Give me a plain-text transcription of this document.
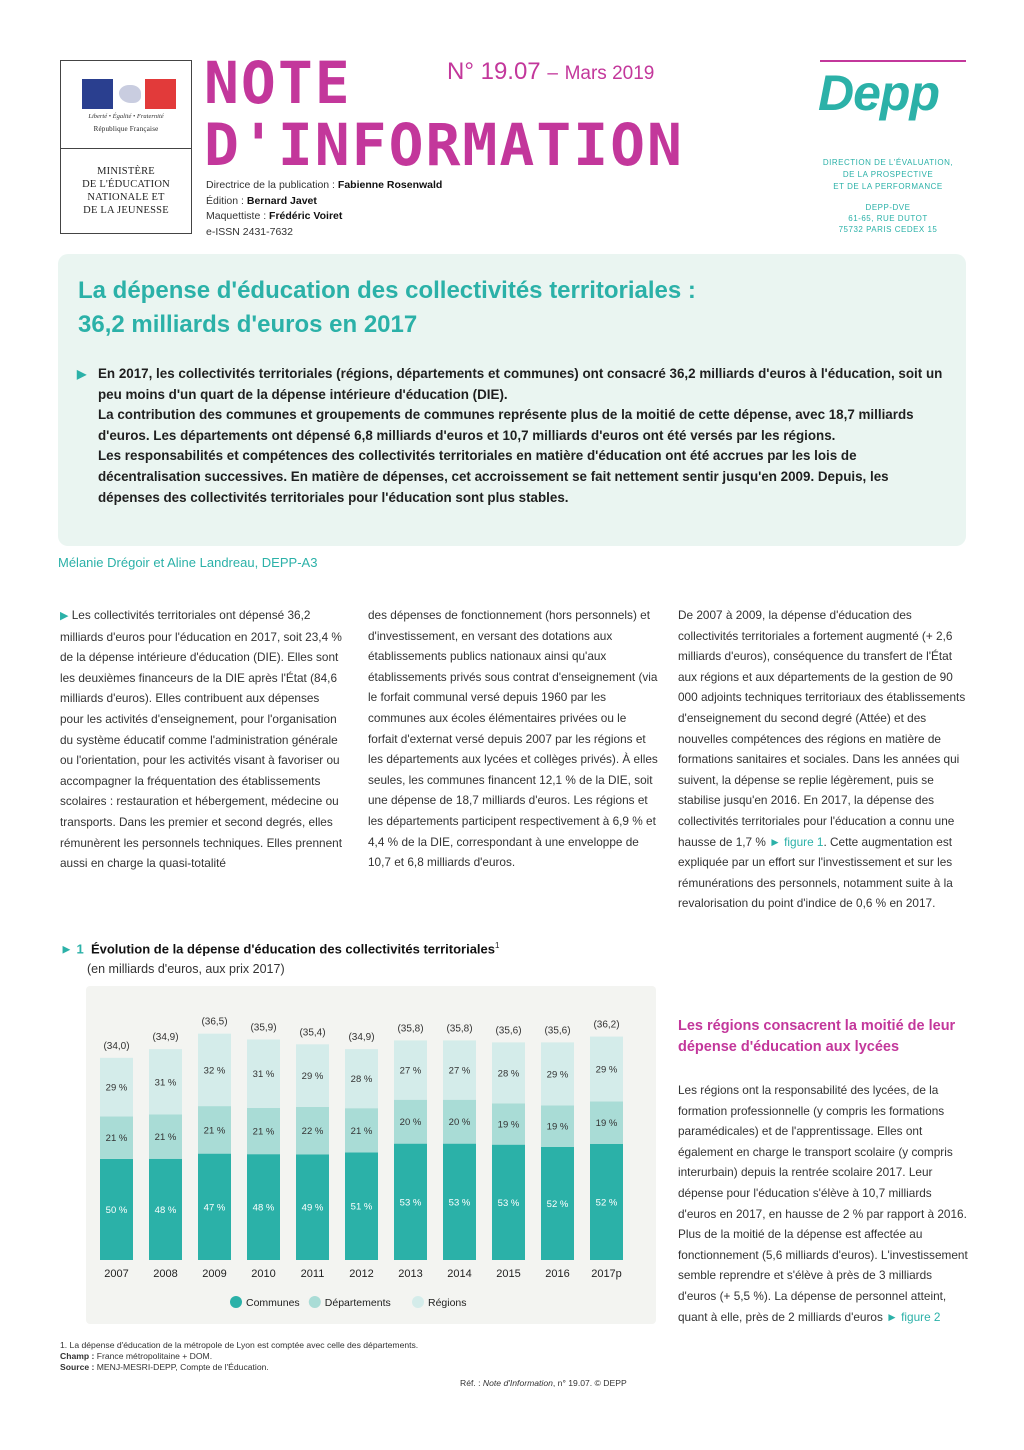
Liberté • Égalité • Fraternité
République Française
MINISTÈRE
DE L'ÉDUCATION
NATIONALE ET
DE LA JEUNESSE
NOTE
D'INFORMATION
N° 19.07 – Mars 2019
Directrice de la publication : Fabienne Rosenwald
Édition : Bernard Javet
Maquettiste : Frédéric Voiret
e-ISSN 2431-7632
Depp
DIRECTION DE L'ÉVALUATION,
DE LA PROSPECTIVE
ET DE LA PERFORMANCE
DEPP-DVE
61-65, RUE DUTOT
75732 PARIS CEDEX 15
La dépense d'éducation des collectivités territoriales :
36,2 milliards d'euros en 2017
▶ En 2017, les collectivités territoriales (régions, départements et communes) ont consacré 36,2 milliards d'euros à l'éducation, soit un peu moins d'un quart de la dépense intérieure d'éducation (DIE).

La contribution des communes et groupements de communes représente plus de la moitié de cette dépense, avec 18,7 milliards d'euros. Les départements ont dépensé 6,8 milliards d'euros et 10,7 milliards d'euros ont été versés par les régions.

Les responsabilités et compétences des collectivités territoriales en matière d'éducation ont été accrues par les lois de décentralisation successives. En matière de dépenses, cet accroissement se fait nettement sentir jusqu'en 2009. Depuis, les dépenses des collectivités territoriales pour l'éducation sont plus stables.

Mélanie Drégoir et Aline Landreau, DEPP-A3
▶ Les collectivités territoriales ont dépensé 36,2 milliards d'euros pour l'éducation en 2017, soit 23,4 % de la dépense intérieure d'éducation (DIE). Elles sont les deuxièmes financeurs de la DIE après l'État (84,6 milliards d'euros). Elles contribuent aux dépenses pour les activités d'enseignement, pour l'organisation du système éducatif comme l'administration générale ou l'orientation, pour les activités visant à favoriser ou accompagner la fréquentation des établissements scolaires : restauration et hébergement, médecine ou transports. Dans les premier et second degrés, elles rémunèrent les personnels techniques. Elles prennent aussi en charge la quasi-totalité
des dépenses de fonctionnement (hors personnels) et d'investissement, en versant des dotations aux établissements publics nationaux ainsi qu'aux établissements privés sous contrat d'enseignement (via le forfait communal versé depuis 1960 par les communes aux écoles élémentaires privées ou le forfait d'externat versé depuis 2007 par les régions et les départements aux lycées et collèges privés). À elles seules, les communes financent 12,1 % de la DIE, soit une dépense de 18,7 milliards d'euros. Les régions et les départements participent respectivement à 6,9 % et 4,4 % de la DIE, correspondant à une enveloppe de 10,7 et 6,8 milliards d'euros.
De 2007 à 2009, la dépense d'éducation des collectivités territoriales a fortement augmenté (+ 2,6 milliards d'euros), conséquence du transfert de l'État aux régions et aux départements de la gestion de 90 000 adjoints techniques territoriaux des établissements d'enseignement du second degré (Attée) et des nouvelles compétences des régions en matière de formations sanitaires et sociales. Dans les années qui suivent, la dépense se replie légèrement, puis se stabilise jusqu'en 2016. En 2017, la dépense des collectivités territoriales pour l'éducation a connu une hausse de 1,7 % ► figure 1. Cette augmentation est expliquée par un effort sur l'investissement et sur les rémunérations des personnels, notamment suite à la revalorisation du point d'indice de 0,6 % en 2017.
Les régions consacrent la moitié de leur dépense d'éducation aux lycées
Les régions ont la responsabilité des lycées, de la formation professionnelle (y compris les formations paramédicales) et de l'apprentissage. Elles ont également en charge le transport scolaire (y compris interurbain) depuis la rentrée scolaire 2017. Leur dépense pour l'éducation s'élève à 10,7 milliards d'euros en 2017, en hausse de 2 % par rapport à 2016. Plus de la moitié de la dépense est affectée au fonctionnement (5,6 milliards d'euros). L'investissement semble reprendre et s'élève à près de 3 milliards d'euros (+ 5,5 %). La dépense de personnel atteint, quant à elle, près de 2 milliards d'euros ► figure 2
► 1 Évolution de la dépense d'éducation des collectivités territoriales$^1$
(en milliards d'euros, aux prix 2017)
50 %
21 %
29 %
(34,0)
2007
48 %
21 %
31 %
(34,9)
2008
47 %
21 %
32 %
(36,5)
2009
48 %
21 %
31 %
(35,9)
2010
49 %
22 %
29 %
(35,4)
2011
51 %
21 %
28 %
(34,9)
2012
53 %
20 %
27 %
(35,8)
2013
53 %
20 %
27 %
(35,8)
2014
53 %
19 %
28 %
(35,6)
2015
52 %
19 %
29 %
(35,6)
2016
52 %
19 %
29 %
(36,2)
2017p
Communes Départements	Régions
1. La dépense d'éducation de la métropole de Lyon est comptée avec celle des départements.
Champ : France métropolitaine + DOM.
Source : MENJ-MESRI-DEPP, Compte de l'Éducation.
Réf. : Note d'Information, n° 19.07. © DEPP
